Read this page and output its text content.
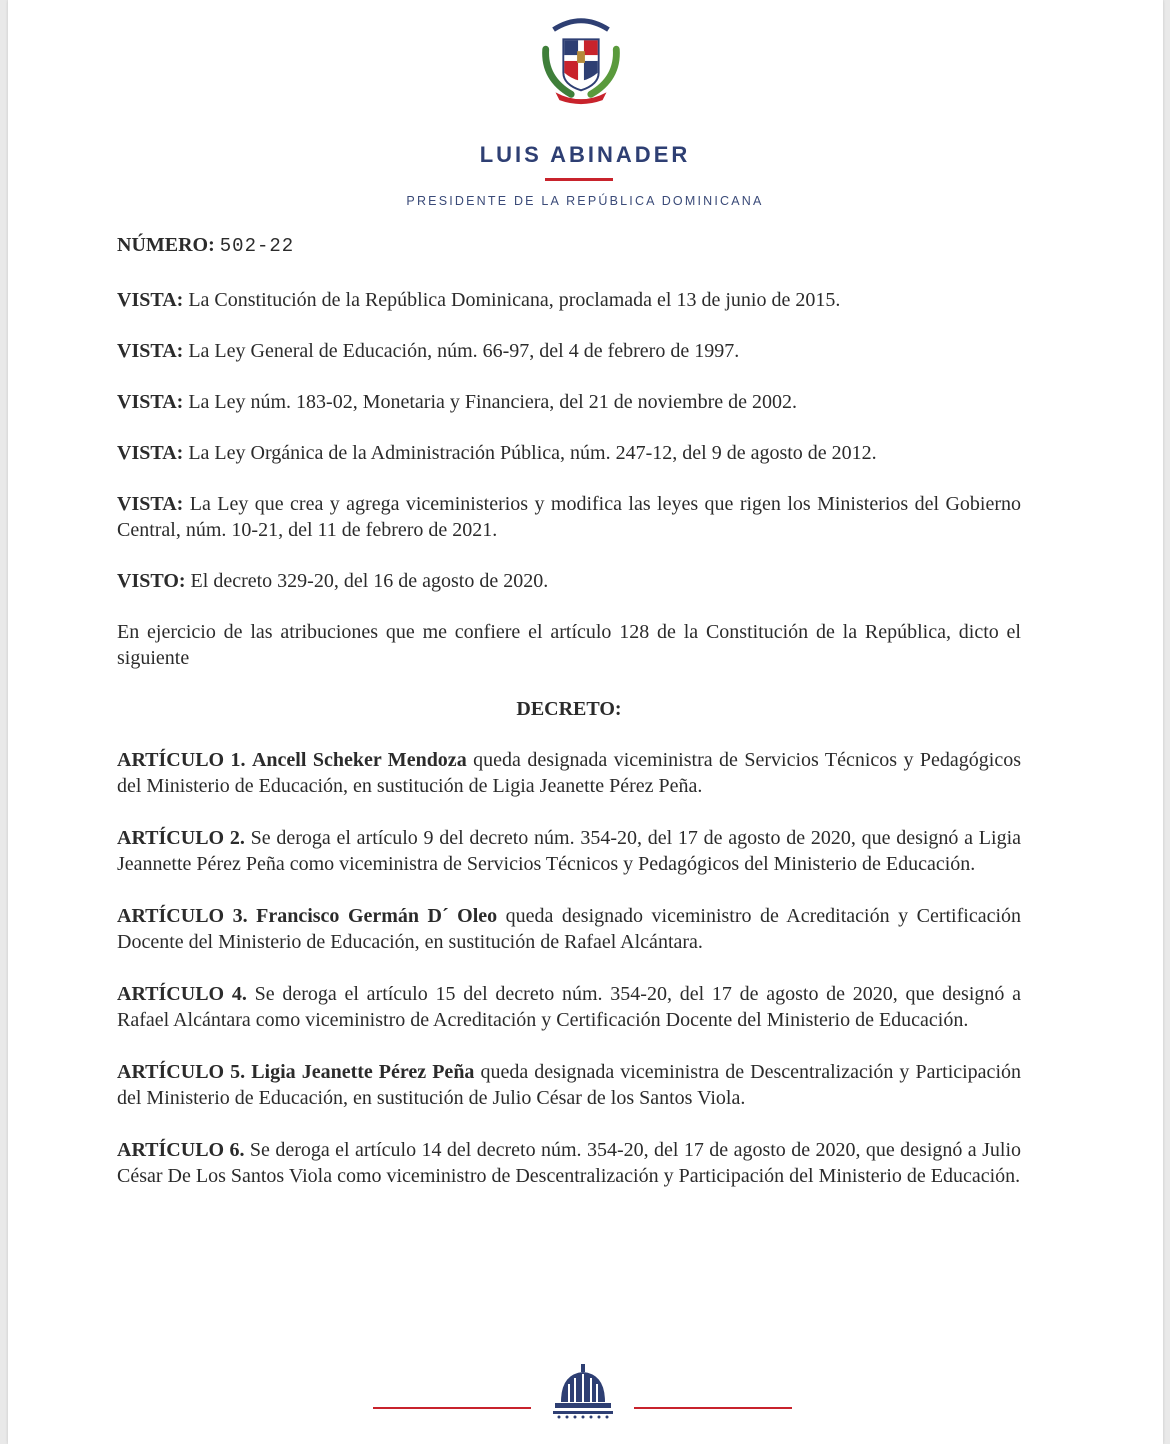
LUIS ABINADER
PRESIDENTE DE LA REPÚBLICA DOMINICANA

NÚMERO: 502-22

VISTA: La Constitución de la República Dominicana, proclamada el 13 de junio de 2015.

VISTA: La Ley General de Educación, núm. 66-97, del 4 de febrero de 1997.

VISTA: La Ley núm. 183-02, Monetaria y Financiera, del 21 de noviembre de 2002.

VISTA: La Ley Orgánica de la Administración Pública, núm. 247-12, del 9 de agosto de 2012.

VISTA: La Ley que crea y agrega viceministerios y modifica las leyes que rigen los Ministerios del Gobierno Central, núm. 10-21, del 11 de febrero de 2021.

VISTO: El decreto 329-20, del 16 de agosto de 2020.

En ejercicio de las atribuciones que me confiere el artículo 128 de la Constitución de la República, dicto el siguiente

DECRETO:

ARTÍCULO 1. Ancell Scheker Mendoza queda designada viceministra de Servicios Técnicos y Pedagógicos del Ministerio de Educación, en sustitución de Ligia Jeanette Pérez Peña.

ARTÍCULO 2. Se deroga el artículo 9 del decreto núm. 354-20, del 17 de agosto de 2020, que designó a Ligia Jeannette Pérez Peña como viceministra de Servicios Técnicos y Pedagógicos del Ministerio de Educación.

ARTÍCULO 3. Francisco Germán D´ Oleo queda designado viceministro de Acreditación y Certificación Docente del Ministerio de Educación, en sustitución de Rafael Alcántara.

ARTÍCULO 4. Se deroga el artículo 15 del decreto núm. 354-20, del 17 de agosto de 2020, que designó a Rafael Alcántara como viceministro de Acreditación y Certificación Docente del Ministerio de Educación.

ARTÍCULO 5. Ligia Jeanette Pérez Peña queda designada viceministra de Descentralización y Participación del Ministerio de Educación, en sustitución de Julio César de los Santos Viola.

ARTÍCULO 6. Se deroga el artículo 14 del decreto núm. 354-20, del 17 de agosto de 2020, que designó a Julio César De Los Santos Viola como viceministro de Descentralización y Participación del Ministerio de Educación.
